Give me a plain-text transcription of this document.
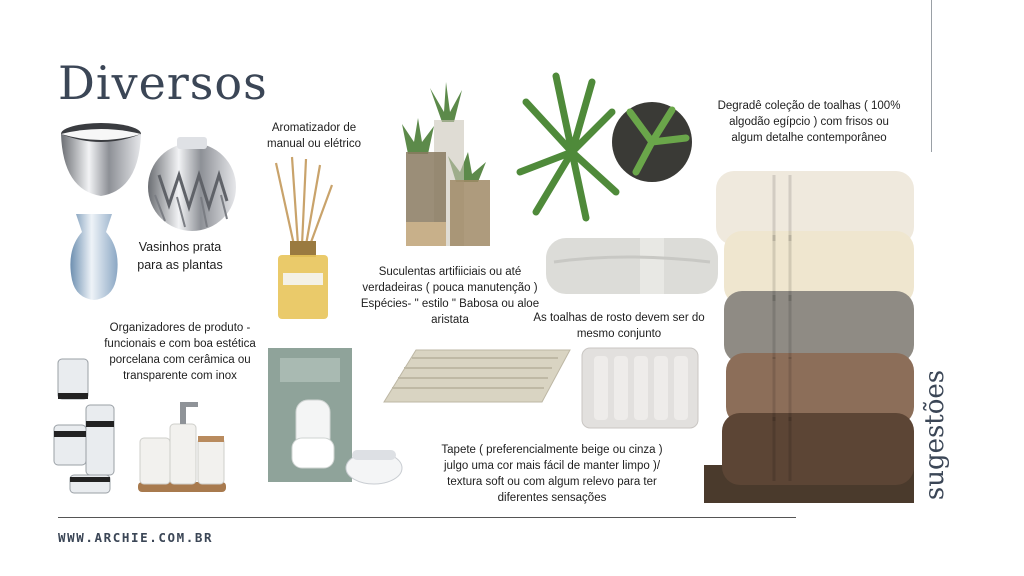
Diversos
Vasinhos prata para as plantas
Aromatizador de manual ou elétrico
Suculentas artifiiciais ou até verdadeiras ( pouca manutenção ) Espécies- " estilo " Babosa ou aloe aristata
Degradê coleção de toalhas ( 100% algodão egípcio ) com frisos ou algum detalhe contemporâneo
As toalhas de rosto devem ser do mesmo conjunto
Organizadores de produto - funcionais e com boa estética porcelana com cerâmica ou transparente com inox
Tapete ( preferencialmente beige ou cinza ) julgo uma cor mais fácil de manter limpo )/ textura soft ou com algum relevo para ter diferentes sensações
WWW.ARCHIE.COM.BR
sugestões
